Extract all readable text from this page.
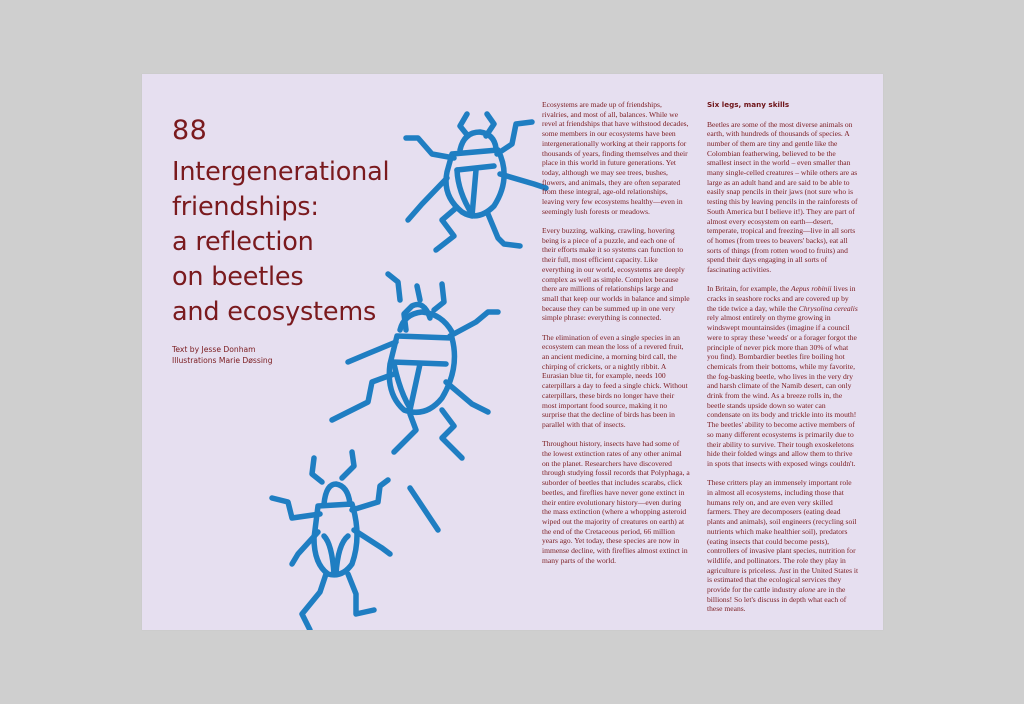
88
Intergenerational
friendships:
a reflection
on beetles
and ecosystems
Text by Jesse Donham
Illustrations Marie Døssing

Ecosystems are made up of friendships, rivalries, and most of all, balances. While we revel at friendships that have withstood decades, some members in our ecosystems have been intergenerationally working at their rapports for thousands of years, finding themselves and their place in this world in future generations. Yet today, although we may see trees, bushes, flowers, and animals, they are often separated from these integral, age-old relationships, leaving very few ecosystems healthy—even in seemingly lush forests or meadows.

Every buzzing, walking, crawling, hovering being is a piece of a puzzle, and each one of their efforts make it so systems can function to their full, most efficient capacity. Like everything in our world, ecosystems are deeply complex as well as simple. Complex because there are millions of relationships large and small that keep our worlds in balance and simple because they can be summed up in one very simple phrase: everything is connected.

The elimination of even a single species in an ecosystem can mean the loss of a revered fruit, an ancient medicine, a morning bird call, the chirping of crickets, or a nightly ribbit. A Eurasian blue tit, for example, needs 100 caterpillars a day to feed a single chick. Without caterpillars, these birds no longer have their most important food source, making it no surprise that the decline of birds has been in parallel with that of insects.

Throughout history, insects have had some of the lowest extinction rates of any other animal on the planet. Researchers have discovered through studying fossil records that Polyphaga, a suborder of beetles that includes scarabs, click beetles, and fireflies have never gone extinct in their entire evolutionary history—even during the mass extinction (where a whopping asteroid wiped out the majority of creatures on earth) at the end of the Cretaceous period, 66 million years ago. Yet today, these species are now in immense decline, with fireflies almost extinct in many parts of the world.

Six legs, many skills

Beetles are some of the most diverse animals on earth, with hundreds of thousands of species. A number of them are tiny and gentle like the Colombian featherwing, believed to be the smallest insect in the world – even smaller than many single-celled creatures – while others are as large as an adult hand and are said to be able to easily snap pencils in their jaws (not sure who is testing this by leaving pencils in the rainforests of South America but I believe it!). They are part of almost every ecosystem on earth—desert, temperate, tropical and freezing—live in all sorts of homes (from trees to beavers' backs), eat all sorts of things (from rotten wood to fruits) and spend their days engaging in all sorts of fascinating activities.

In Britain, for example, the Aepus robinii lives in cracks in seashore rocks and are covered up by the tide twice a day, while the Chrysolina cerealis rely almost entirely on thyme growing in windswept mountainsides (imagine if a council were to spray these 'weeds' or a forager forgot the principle of never pick more than 30% of what you find). Bombardier beetles fire boiling hot chemicals from their bottoms, while my favorite, the fog-basking beetle, who lives in the very dry and harsh climate of the Namib desert, can only drink from the wind. As a breeze rolls in, the beetle stands upside down so water can condensate on its body and trickle into its mouth! The beetles' ability to become active members of so many different ecosystems is primarily due to their ability to survive. Their tough exoskeletons hide their folded wings and allow them to thrive in spots that insects with exposed wings couldn't.

These critters play an immensely important role in almost all ecosystems, including those that humans rely on, and are even very skilled farmers. They are decomposers (eating dead plants and animals), soil engineers (recycling soil nutrients which make healthier soil), predators (eating insects that could become pests), controllers of invasive plant species, nutrition for wildlife, and pollinators. The role they play in agriculture is priceless. Just in the United States it is estimated that the ecological services they provide for the cattle industry alone are in the billions! So let's discuss in depth what each of these means.
